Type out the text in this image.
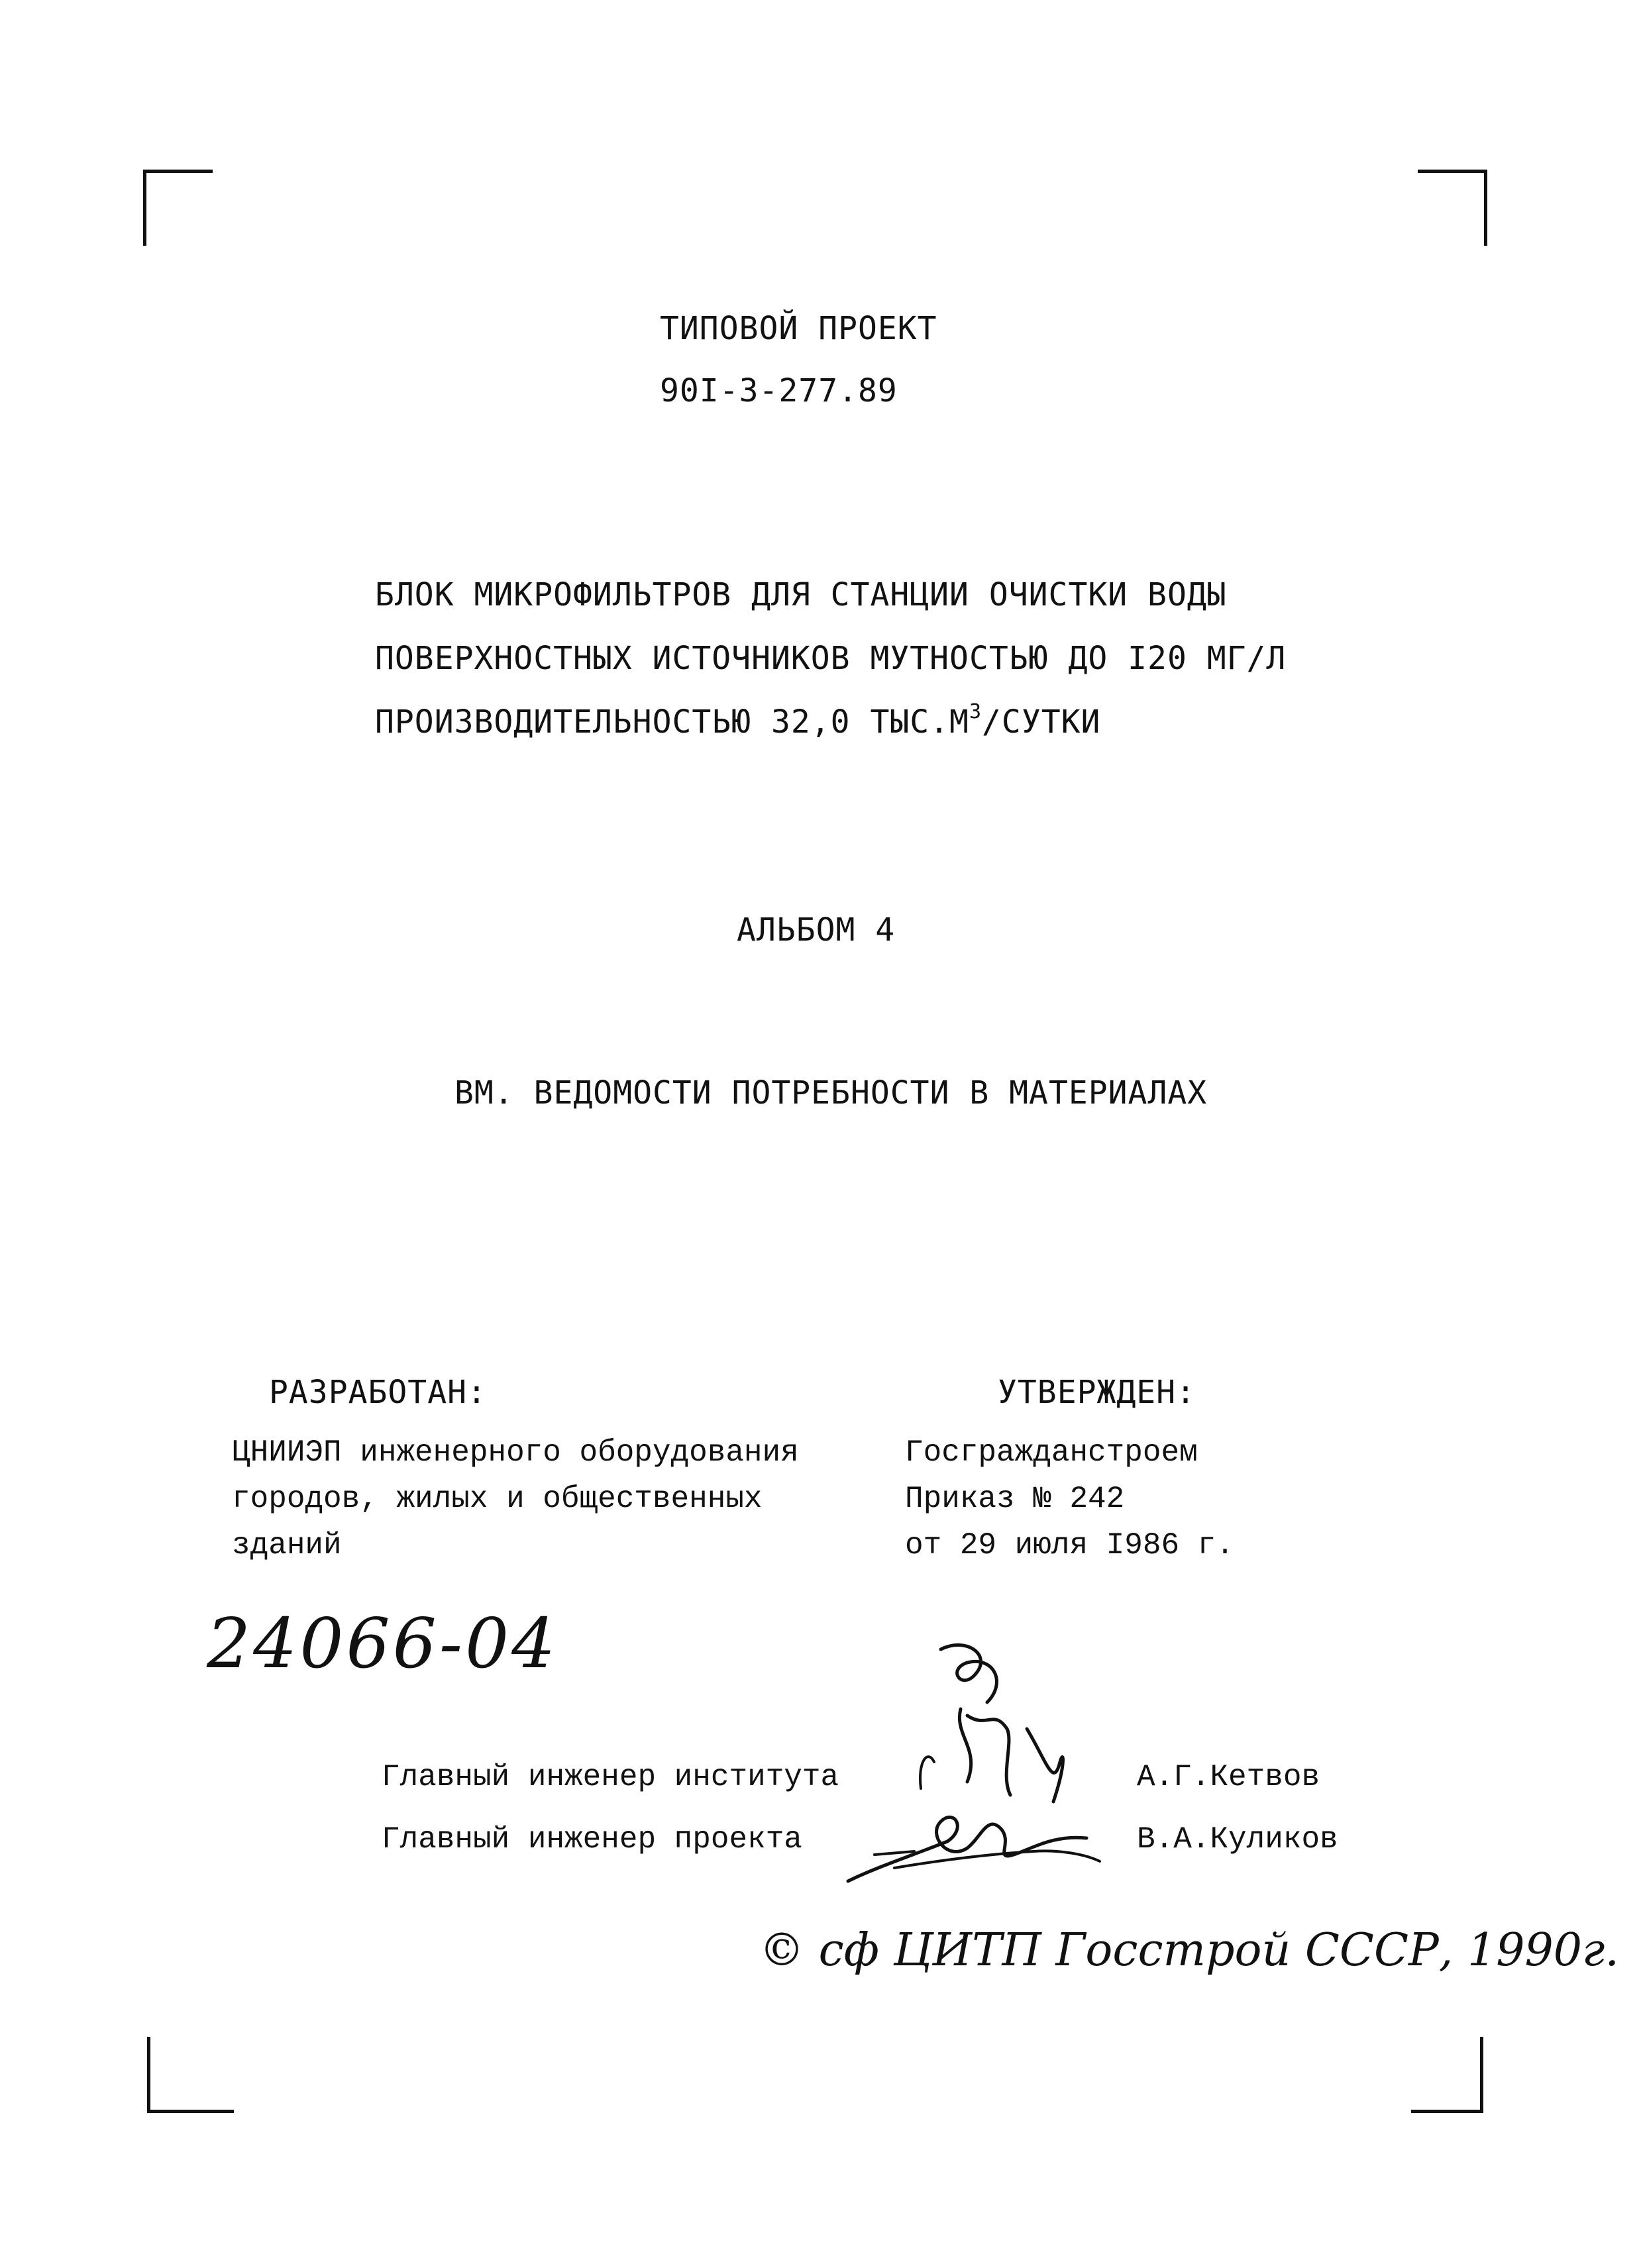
ТИПОВОЙ ПРОЕКТ
90I-3-277.89
БЛОК МИКРОФИЛЬТРОВ ДЛЯ СТАНЦИИ ОЧИСТКИ ВОДЫ
ПОВЕРХНОСТНЫХ ИСТОЧНИКОВ МУТНОСТЬЮ ДО I20 МГ/Л
ПРОИЗВОДИТЕЛЬНОСТЬЮ 32,0 $ТЫС.М^3$/СУТКИ
АЛЬБОМ 4
ВМ. ВЕДОМОСТИ ПОТРЕБНОСТИ В МАТЕРИАЛАХ
РАЗРАБОТАН:
ЦНИИЭП инженерного оборудования
городов, жилых и общественных
зданий
УТВЕРЖДЕН:
Госгражданстроем
Приказ № 242
от 29 июля I986 г.
24066-04
Главный инженер института	А.Г.Кетвов
Главный инженер проекта	В.А.Куликов
© сф ЦИТП Госстрой СССР, 1990г.
